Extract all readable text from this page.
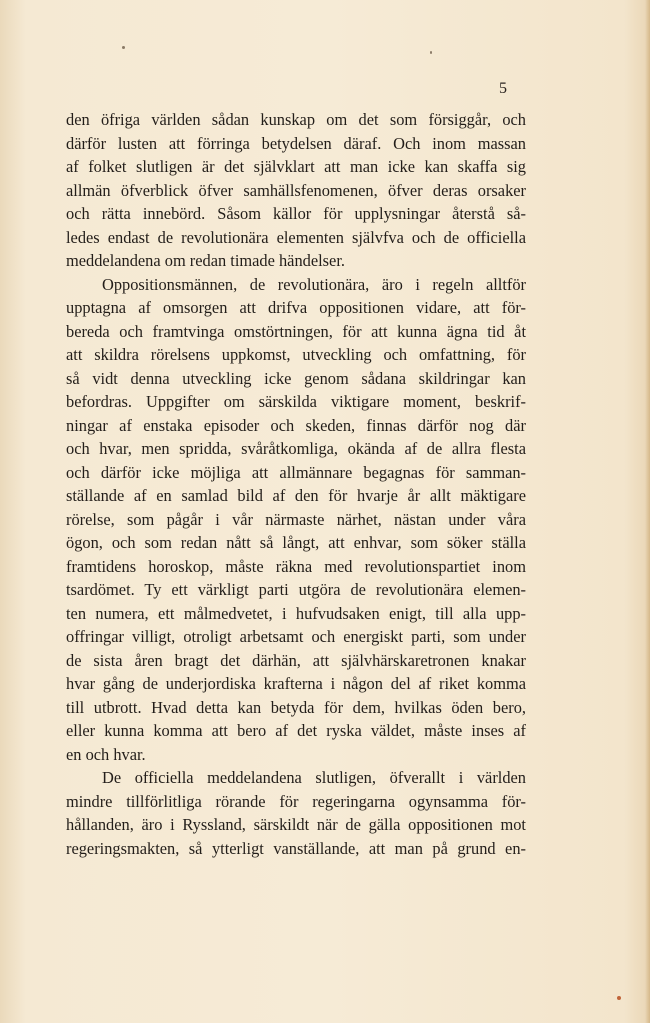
5
den öfriga världen sådan kunskap om det som försiggår, och
därför lusten att förringa betydelsen däraf. Och inom massan
af folket slutligen är det självklart att man icke kan skaffa sig
allmän öfverblick öfver samhällsfenomenen, öfver deras orsaker
och rätta innebörd. Såsom källor för upplysningar återstå så-
ledes endast de revolutionära elementen självfva och de officiella
meddelandena om redan timade händelser.
Oppositionsmännen, de revolutionära, äro i regeln alltför
upptagna af omsorgen att drifva oppositionen vidare, att för-
bereda och framtvinga omstörtningen, för att kunna ägna tid åt
att skildra rörelsens uppkomst, utveckling och omfattning, för
så vidt denna utveckling icke genom sådana skildringar kan
befordras. Uppgifter om särskilda viktigare moment, beskrif-
ningar af enstaka episoder och skeden, finnas därför nog där
och hvar, men spridda, svåråtkomliga, okända af de allra flesta
och därför icke möjliga att allmännare begagnas för samman-
ställande af en samlad bild af den för hvarje år allt mäktigare
rörelse, som pågår i vår närmaste närhet, nästan under våra
ögon, och som redan nått så långt, att enhvar, som söker ställa
framtidens horoskop, måste räkna med revolutionspartiet inom
tsardömet. Ty ett värkligt parti utgöra de revolutionära elemen-
ten numera, ett målmedvetet, i hufvudsaken enigt, till alla upp-
offringar villigt, otroligt arbetsamt och energiskt parti, som under
de sista åren bragt det därhän, att självhärskaretronen knakar
hvar gång de underjordiska krafterna i någon del af riket komma
till utbrott. Hvad detta kan betyda för dem, hvilkas öden bero,
eller kunna komma att bero af det ryska väldet, måste inses af
en och hvar.
De officiella meddelandena slutligen, öfverallt i världen
mindre tillförlitliga rörande för regeringarna ogynsamma för-
hållanden, äro i Ryssland, särskildt när de gälla oppositionen mot
regeringsmakten, så ytterligt vanställande, att man på grund en-
